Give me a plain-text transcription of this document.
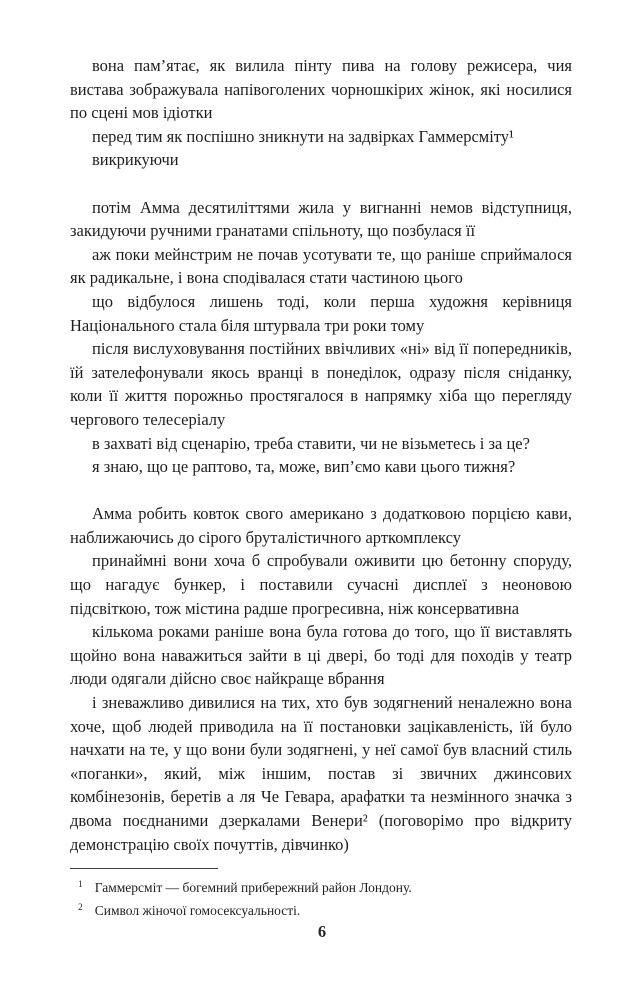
вона пам’ятає, як вилила пінту пива на голову режисера, чия вистава зображувала напівоголених чорношкірих жінок, які носилися по сцені мов ідіотки

перед тим як поспішно зникнути на задвірках Гаммерсміту¹

викрикуючи

потім Амма десятиліттями жила у вигнанні немов відступниця, закидуючи ручними гранатами спільноту, що позбулася її

аж поки мейнстрим не почав усотувати те, що раніше сприймалося як радикальне, і вона сподівалася стати частиною цього

що відбулося лишень тоді, коли перша художня керівниця Національного стала біля штурвала три роки тому

після вислуховування постійних ввічливих «ні» від її попередників, їй зателефонували якось вранці в понеділок, одразу після сніданку, коли її життя порожньо простягалося в напрямку хіба що перегляду чергового телесеріалу

в захваті від сценарію, треба ставити, чи не візьметесь і за це?

я знаю, що це раптово, та, може, вип’ємо кави цього тижня?

Амма робить ковток свого американо з додатковою порцією кави, наближаючись до сірого бруталістичного арткомплексу

принаймні вони хоча б спробували оживити цю бетонну споруду, що нагадує бункер, і поставили сучасні дисплеї з неоновою підсвіткою, тож містина радше прогресивна, ніж консервативна

кількома роками раніше вона була готова до того, що її виставлять щойно вона наважиться зайти в ці двері, бо тоді для походів у театр люди одягали дійсно своє найкраще вбрання

і зневажливо дивилися на тих, хто був зодягнений неналежно вона хоче, щоб людей приводила на її постановки зацікавленість, їй було начхати на те, у що вони були зодягнені, у неї самої був власний стиль «поганки», який, між іншим, постав зі звичних джинсових комбінезонів, беретів а ля Че Гевара, арафатки та незмінного значка з двома поєднаними дзеркалами Венери² (поговорімо про відкриту демонстрацію своїх почуттів, дівчинко)

$^1$ Гаммерсміт — богемний прибережний район Лондону.
$^2$ Символ жіночої гомосексуальності.
6
